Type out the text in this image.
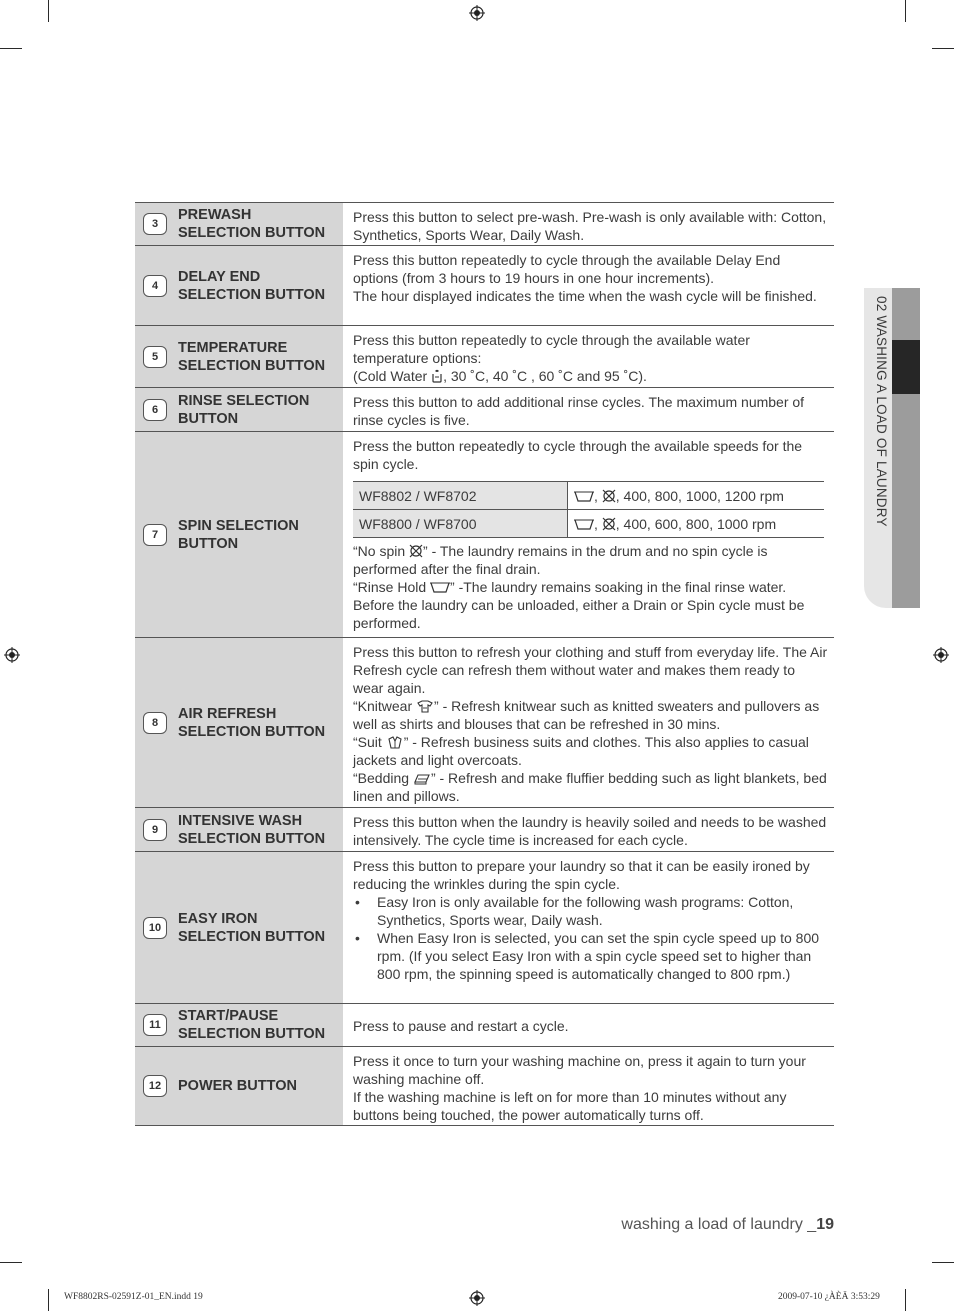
02 WASHING A LOAD OF LAUNDRY
3
PREWASH
SELECTION BUTTON

Press this button to select pre-wash. Pre-wash is only available with: Cotton, Synthetics, Sports Wear, Daily Wash.

4
DELAY END
SELECTION BUTTON

Press this button repeatedly to cycle through the available Delay End options (from 3 hours to 19 hours in one hour increments).

The hour displayed indicates the time when the wash cycle will be finished.

5
TEMPERATURE
SELECTION BUTTON

Press this button repeatedly to cycle through the available water temperature options:

(Cold Water
, 30 ˚C, 40 ˚C , 60 ˚C and 95 ˚C).

6
RINSE SELECTION
BUTTON

Press this button to add additional rinse cycles. The maximum number of rinse cycles is five.

7
SPIN SELECTION
BUTTON

Press the button repeatedly to cycle through the available speeds for the spin cycle.

WF8802 / WF8702	,
, 400, 800, 1000, 1200 rpm
WF8800 / WF8700	,
, 400, 600, 800, 1000 rpm

“No spin
” - The laundry remains in the drum and no spin cycle is performed after the final drain.

“Rinse Hold
” -The laundry remains soaking in the final rinse water. Before the laundry can be unloaded, either a Drain or Spin cycle must be performed.

8
AIR REFRESH
SELECTION BUTTON

Press this button to refresh your clothing and stuff from everyday life. The Air Refresh cycle can refresh them without water and makes them ready to wear again.

“Knitwear
” - Refresh knitwear such as knitted sweaters and pullovers as well as shirts and blouses that can be refreshed in 30 mins.

“Suit
” - Refresh business suits and clothes. This also applies to casual jackets and light overcoats.

“Bedding
” - Refresh and make fluffier bedding such as light blankets, bed linen and pillows.

9
INTENSIVE WASH
SELECTION BUTTON

Press this button when the laundry is heavily soiled and needs to be washed intensively. The cycle time is increased for each cycle.

10
EASY IRON
SELECTION BUTTON

Press this button to prepare your laundry so that it can be easily ironed by reducing the wrinkles during the spin cycle.

• Easy Iron is only available for the following wash programs: Cotton, Synthetics, Sports wear, Daily wash.
• When Easy Iron is selected, you can set the spin cycle speed up to 800 rpm. (If you select Easy Iron with a spin cycle speed set to higher than 800 rpm, the spinning speed is automatically changed to 800 rpm.)
11
START/PAUSE
SELECTION BUTTON

Press to pause and restart a cycle.

12	POWER BUTTON

Press it once to turn your washing machine on, press it again to turn your washing machine off.

If the washing machine is left on for more than 10 minutes without any buttons being touched, the power automatically turns off.

washing a load of laundry _19
WF8802RS-02591Z-01_EN.indd 19	2009-07-10 ¿ÀÈÄ 3:53:29
